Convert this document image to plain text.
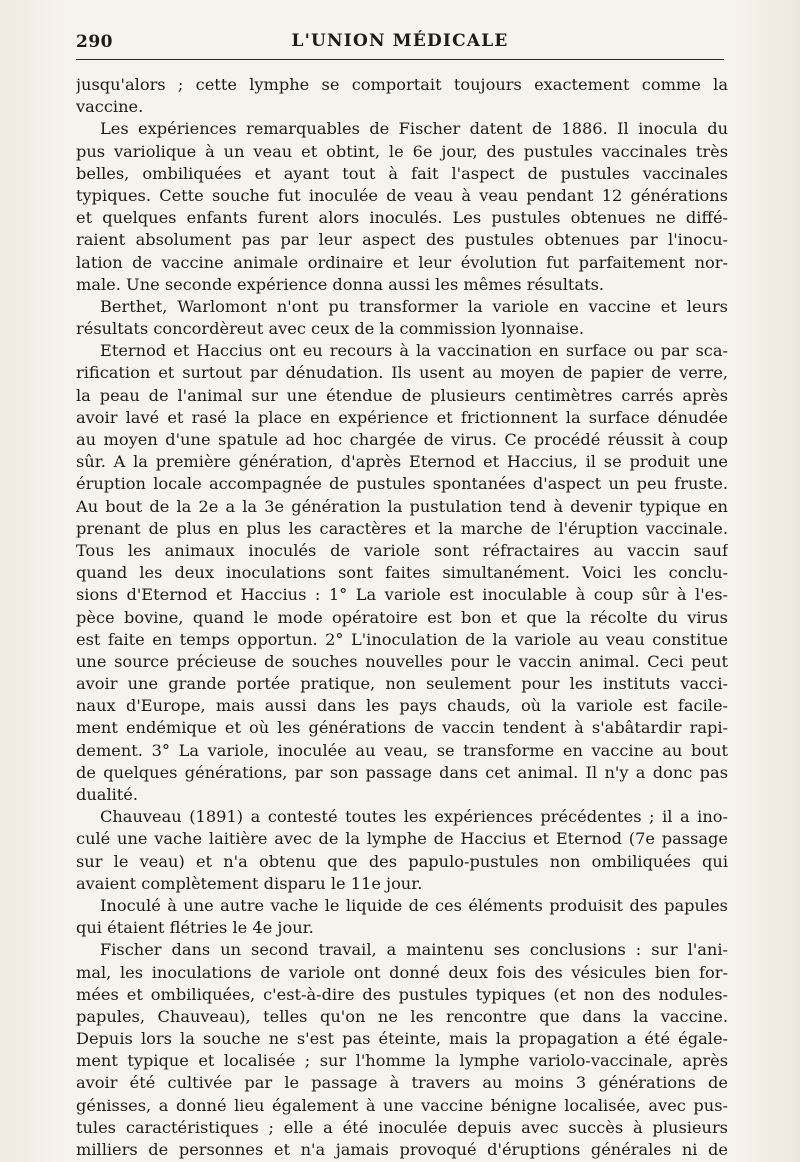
290	L'UNION MÉDICALE
jusqu'alors ; cette lymphe se comportait toujours exactement comme la
vaccine.
Les expériences remarquables de Fischer datent de 1886. Il inocula du
pus variolique à un veau et obtint, le 6e jour, des pustules vaccinales très
belles, ombiliquées et ayant tout à fait l'aspect de pustules vaccinales
typiques. Cette souche fut inoculée de veau à veau pendant 12 générations
et quelques enfants furent alors inoculés. Les pustules obtenues ne diffé-
raient absolument pas par leur aspect des pustules obtenues par l'inocu-
lation de vaccine animale ordinaire et leur évolution fut parfaitement nor-
male. Une seconde expérience donna aussi les mêmes résultats.
Berthet, Warlomont n'ont pu transformer la variole en vaccine et leurs
résultats concordèreut avec ceux de la commission lyonnaise.
Eternod et Haccius ont eu recours à la vaccination en surface ou par sca-
rification et surtout par dénudation. Ils usent au moyen de papier de verre,
la peau de l'animal sur une étendue de plusieurs centimètres carrés après
avoir lavé et rasé la place en expérience et frictionnent la surface dénudée
au moyen d'une spatule ad hoc chargée de virus. Ce procédé réussit à coup
sûr. A la première génération, d'après Eternod et Haccius, il se produit une
éruption locale accompagnée de pustules spontanées d'aspect un peu fruste.
Au bout de la 2e a la 3e génération la pustulation tend à devenir typique en
prenant de plus en plus les caractères et la marche de l'éruption vaccinale.
Tous les animaux inoculés de variole sont réfractaires au vaccin sauf
quand les deux inoculations sont faites simultanément. Voici les conclu-
sions d'Eternod et Haccius : 1° La variole est inoculable à coup sûr à l'es-
pèce bovine, quand le mode opératoire est bon et que la récolte du virus
est faite en temps opportun. 2° L'inoculation de la variole au veau constitue
une source précieuse de souches nouvelles pour le vaccin animal. Ceci peut
avoir une grande portée pratique, non seulement pour les instituts vacci-
naux d'Europe, mais aussi dans les pays chauds, où la variole est facile-
ment endémique et où les générations de vaccin tendent à s'abâtardir rapi-
dement. 3° La variole, inoculée au veau, se transforme en vaccine au bout
de quelques générations, par son passage dans cet animal. Il n'y a donc pas
dualité.
Chauveau (1891) a contesté toutes les expériences précédentes ; il a ino-
culé une vache laitière avec de la lymphe de Haccius et Eternod (7e passage
sur le veau) et n'a obtenu que des papulo-pustules non ombiliquées qui
avaient complètement disparu le 11e jour.
Inoculé à une autre vache le liquide de ces éléments produisit des papules
qui étaient flétries le 4e jour.
Fischer dans un second travail, a maintenu ses conclusions : sur l'ani-
mal, les inoculations de variole ont donné deux fois des vésicules bien for-
mées et ombiliquées, c'est-à-dire des pustules typiques (et non des nodules-
papules, Chauveau), telles qu'on ne les rencontre que dans la vaccine.
Depuis lors la souche ne s'est pas éteinte, mais la propagation a été égale-
ment typique et localisée ; sur l'homme la lymphe variolo-vaccinale, après
avoir été cultivée par le passage à travers au moins 3 générations de
génisses, a donné lieu également à une vaccine bénigne localisée, avec pus-
tules caractéristiques ; elle a été inoculée depuis avec succès à plusieurs
milliers de personnes et n'a jamais provoqué d'éruptions générales ni de
